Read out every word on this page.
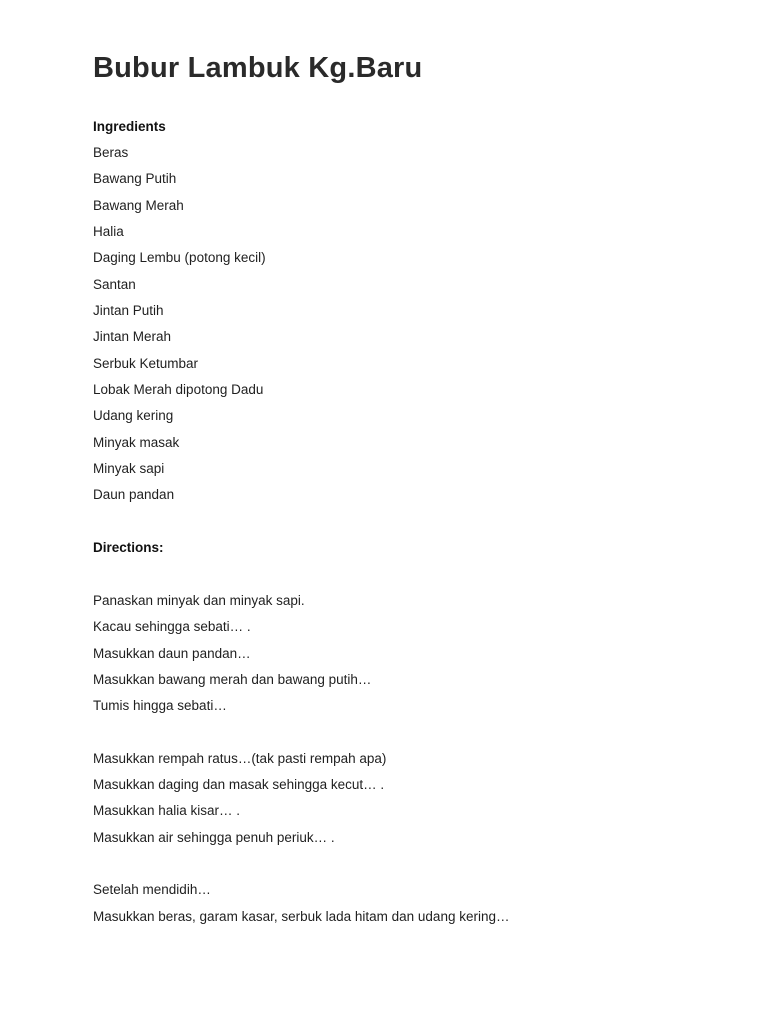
Bubur Lambuk Kg.Baru
Ingredients
Beras
Bawang Putih
Bawang Merah
Halia
Daging Lembu (potong kecil)
Santan
Jintan Putih
Jintan Merah
Serbuk Ketumbar
Lobak Merah dipotong Dadu
Udang kering
Minyak masak
Minyak sapi
Daun pandan
Directions:
Panaskan minyak dan minyak sapi.
Kacau sehingga sebati… .
Masukkan daun pandan…
Masukkan bawang merah dan bawang putih…
Tumis hingga sebati…
Masukkan rempah ratus…(tak pasti rempah apa)
Masukkan daging dan masak sehingga kecut… .
Masukkan halia kisar… .
Masukkan air sehingga penuh periuk… .
Setelah mendidih…
Masukkan beras, garam kasar, serbuk lada hitam dan udang kering…
